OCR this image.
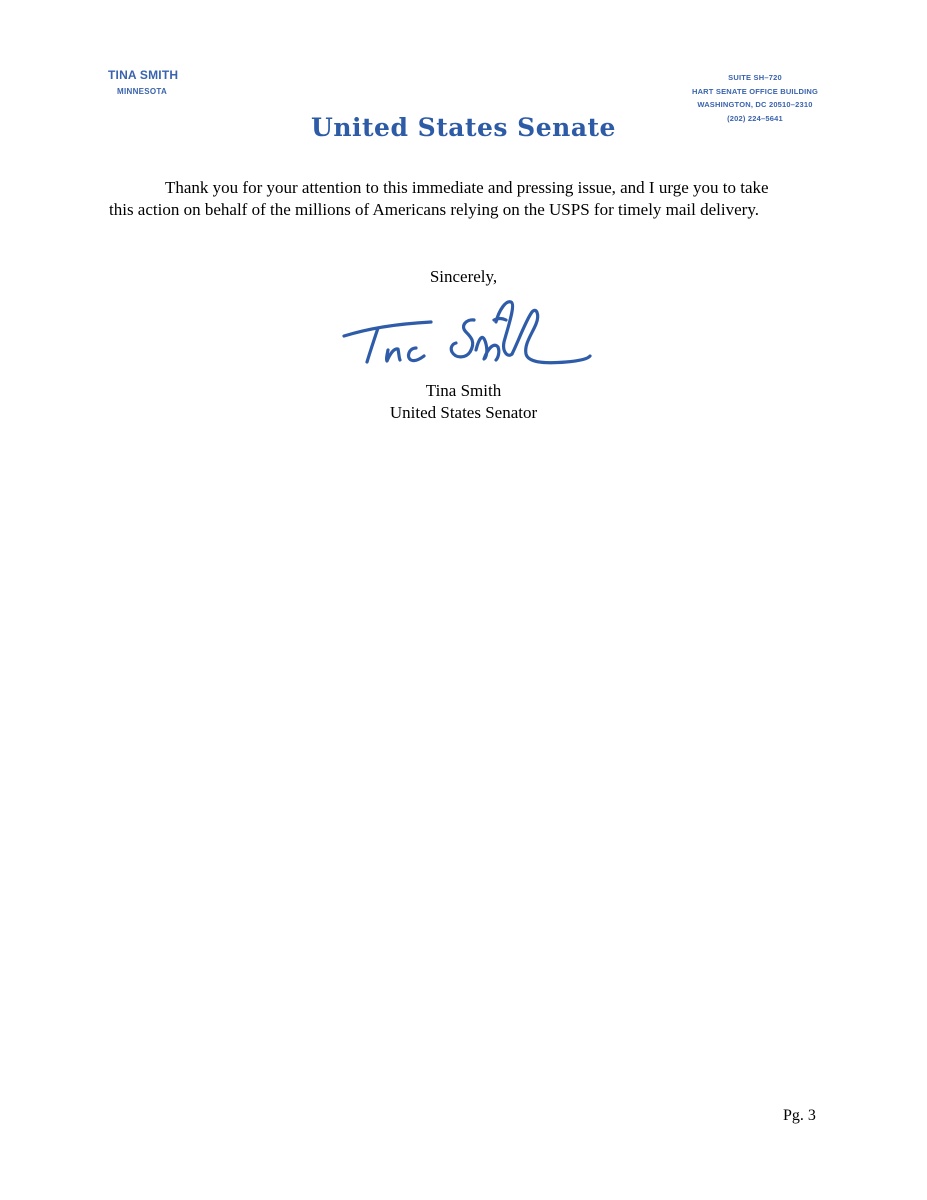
TINA SMITH
MINNESOTA
SUITE SH–720
HART SENATE OFFICE BUILDING
WASHINGTON, DC 20510–2310
(202) 224–5641
United States Senate
Thank you for your attention to this immediate and pressing issue, and I urge you to take
this action on behalf of the millions of Americans relying on the USPS for timely mail delivery.
Sincerely,
Tina Smith
United States Senator
Pg. 3
